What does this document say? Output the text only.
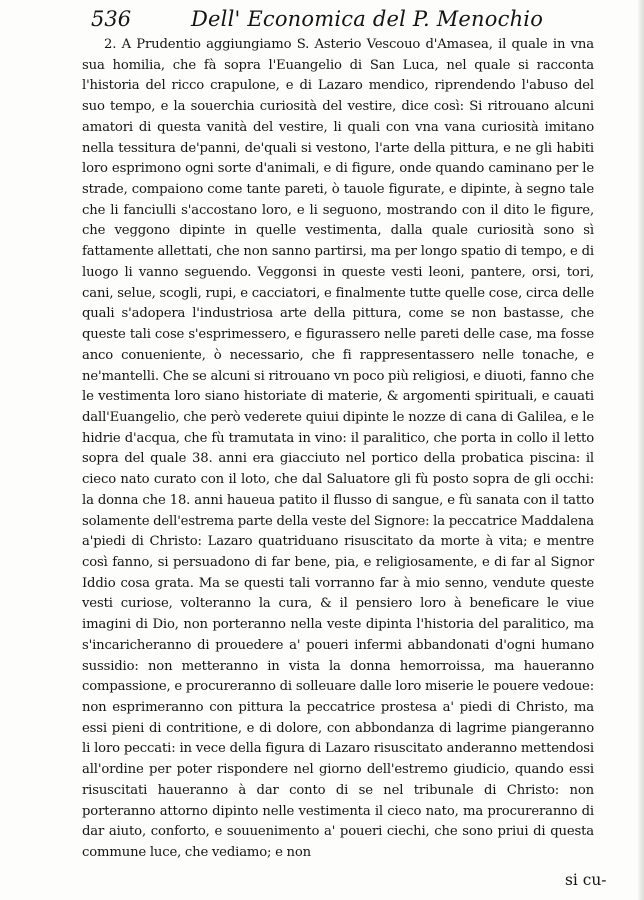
536	Dell' Economica del P. Menochio

2. A Prudentio aggiungiamo S. Asterio Vescouo d'Amasea, il quale in vna sua homilia, che fà sopra l'Euangelio di San Luca, nel quale si racconta l'historia del ricco crapulone, e di Lazaro mendico, riprendendo l'abuso del suo tempo, e la souerchia curiosità del vestire, dice così: Si ritrouano alcuni amatori di questa vanità del vestire, li quali con vna vana curiosità imitano nella tessitura de'panni, de'quali si vestono, l'arte della pittura, e ne gli habiti loro esprimono ogni sorte d'animali, e di figure, onde quando caminano per le strade, compaiono come tante pareti, ò tauole figurate, e dipinte, à segno tale che li fanciulli s'accostano loro, e li seguono, mostrando con il dito le figure, che veggono dipinte in quelle vestimenta, dalla quale curiosità sono sì fattamente allettati, che non sanno partirsi, ma per longo spatio di tempo, e di luogo li vanno seguendo. Veggonsi in queste vesti leoni, pantere, orsi, tori, cani, selue, scogli, rupi, e cacciatori, e finalmente tutte quelle cose, circa delle quali s'adopera l'industriosa arte della pittura, come se non bastasse, che queste tali cose s'esprimessero, e figurassero nelle pareti delle case, ma fosse anco conueniente, ò necessario, che fi rappresentassero nelle tonache, e ne'mantelli. Che se alcuni si ritrouano vn poco più religiosi, e diuoti, fanno che le vestimenta loro siano historiate di materie, & argomenti spirituali, e cauati dall'Euangelio, che però vederete quiui dipinte le nozze di cana di Galilea, e le hidrie d'acqua, che fù tramutata in vino: il paralitico, che porta in collo il letto sopra del quale 38. anni era giacciuto nel portico della probatica piscina: il cieco nato curato con il loto, che dal Saluatore gli fù posto sopra de gli occhi: la donna che 18. anni haueua patito il flusso di sangue, e fù sanata con il tatto solamente dell'estrema parte della veste del Signore: la peccatrice Maddalena a'piedi di Christo: Lazaro quatriduano risuscitato da morte à vita; e mentre così fanno, si persuadono di far bene, pia, e religiosamente, e di far al Signor Iddio cosa grata. Ma se questi tali vorranno far à mio senno, vendute queste vesti curiose, volteranno la cura, & il pensiero loro à beneficare le viue imagini di Dio, non porteranno nella veste dipinta l'historia del paralitico, ma s'incaricheranno di prouedere a' poueri infermi abbandonati d'ogni humano sussidio: non metteranno in vista la donna hemorroissa, ma haueranno compassione, e procureranno di solleuare dalle loro miserie le pouere vedoue: non esprimeranno con pittura la peccatrice prostesa a' piedi di Christo, ma essi pieni di contritione, e di dolore, con abbondanza di lagrime piangeranno li loro peccati: in vece della figura di Lazaro risuscitato anderanno mettendosi all'ordine per poter rispondere nel giorno dell'estremo giudicio, quando essi risuscitati haueranno à dar conto di se nel tribunale di Christo: non porteranno attorno dipinto nelle vestimenta il cieco nato, ma procureranno di dar aiuto, conforto, e souuenimento a' poueri ciechi, che sono priui di questa commune luce, che vediamo; e non

si cu-
